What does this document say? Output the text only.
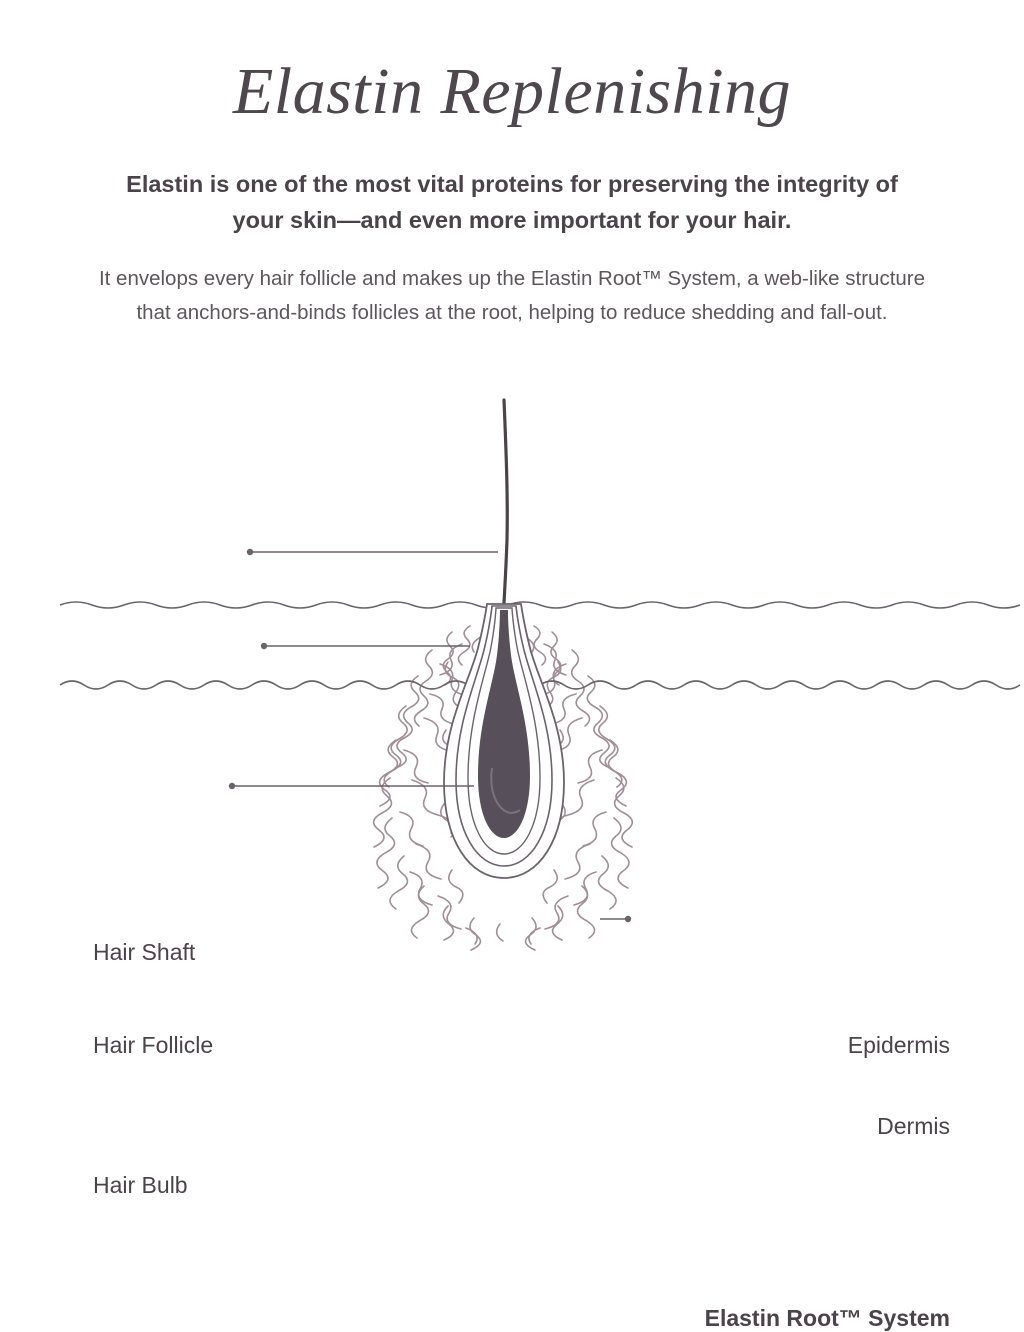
Elastin Replenishing
Elastin is one of the most vital proteins for preserving the integrity of your skin—and even more important for your hair.
It envelops every hair follicle and makes up the Elastin Root™ System, a web-like structure that anchors-and-binds follicles at the root, helping to reduce shedding and fall-out.
Hair Shaft
Hair Follicle
Hair Bulb
Epidermis
Dermis
Elastin Root™ System
